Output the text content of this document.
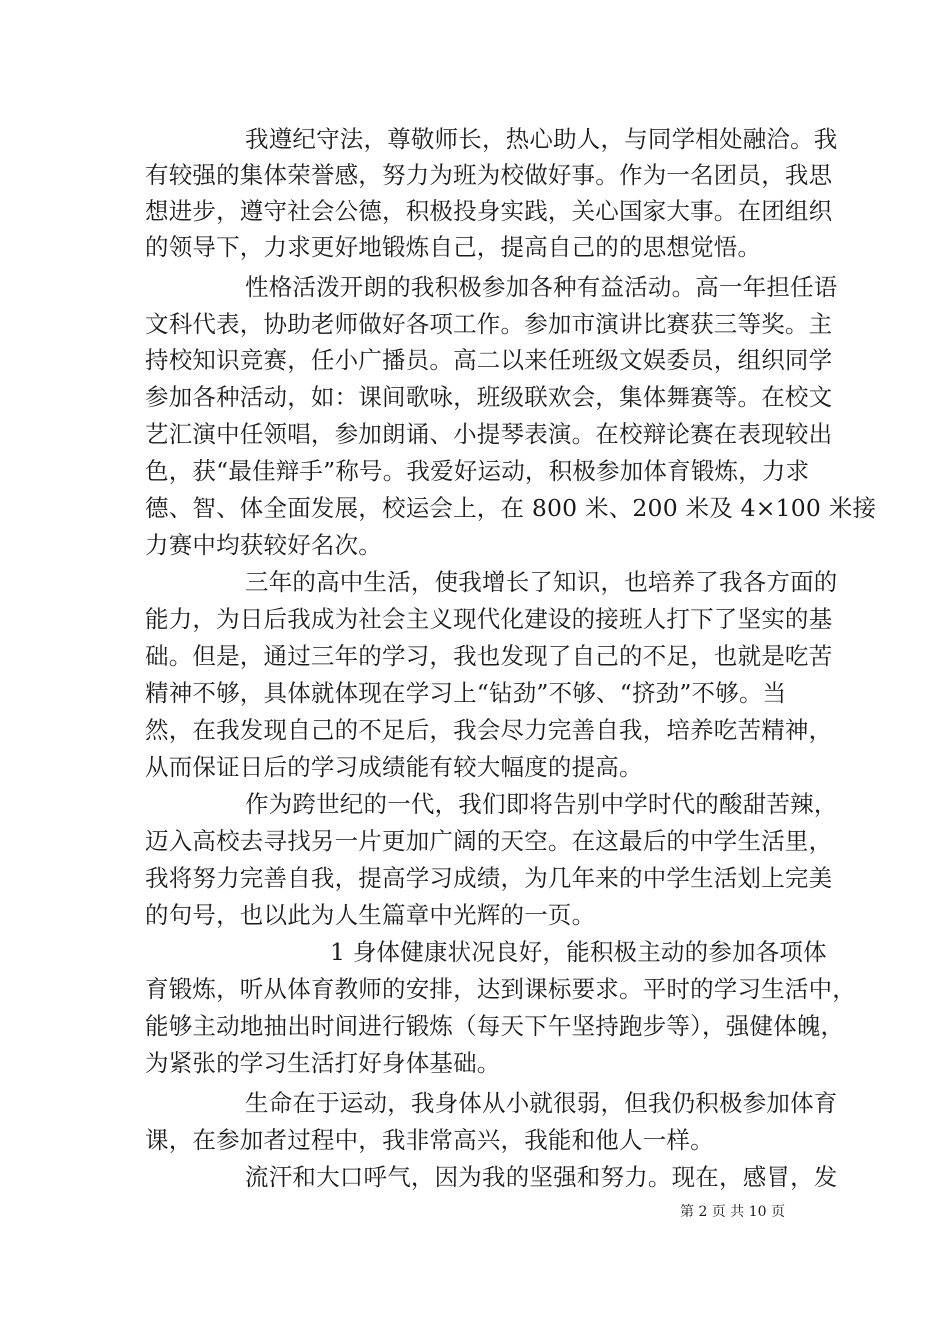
我遵纪守法，尊敬师长，热心助人，与同学相处融洽。我
有较强的集体荣誉感，努力为班为校做好事。作为一名团员，我思
想进步，遵守社会公德，积极投身实践，关心国家大事。在团组织
的领导下，力求更好地锻炼自己，提高自己的的思想觉悟。
性格活泼开朗的我积极参加各种有益活动。高一年担任语
文科代表，协助老师做好各项工作。参加市演讲比赛获三等奖。主
持校知识竞赛，任小广播员。高二以来任班级文娱委员，组织同学
参加各种活动，如：课间歌咏，班级联欢会，集体舞赛等。在校文
艺汇演中任领唱，参加朗诵、小提琴表演。在校辩论赛在表现较出
色，获“最佳辩手”称号。我爱好运动，积极参加体育锻炼，力求
德、智、体全面发展，校运会上，在 800 米、200 米及 4×100 米接
力赛中均获较好名次。
三年的高中生活，使我增长了知识，也培养了我各方面的
能力，为日后我成为社会主义现代化建设的接班人打下了坚实的基
础。但是，通过三年的学习，我也发现了自己的不足，也就是吃苦
精神不够，具体就体现在学习上“钻劲”不够、“挤劲”不够。当
然，在我发现自己的不足后，我会尽力完善自我，培养吃苦精神，
从而保证日后的学习成绩能有较大幅度的提高。
作为跨世纪的一代，我们即将告别中学时代的酸甜苦辣，
迈入高校去寻找另一片更加广阔的天空。在这最后的中学生活里，
我将努力完善自我，提高学习成绩，为几年来的中学生活划上完美
的句号，也以此为人生篇章中光辉的一页。
1 身体健康状况良好，能积极主动的参加各项体
育锻炼，听从体育教师的安排，达到课标要求。平时的学习生活中，
能够主动地抽出时间进行锻炼（每天下午坚持跑步等），强健体魄，
为紧张的学习生活打好身体基础。
生命在于运动，我身体从小就很弱，但我仍积极参加体育
课，在参加者过程中，我非常高兴，我能和他人一样。
流汗和大口呼气，因为我的坚强和努力。现在，感冒，发
第 2 页 共 10 页
